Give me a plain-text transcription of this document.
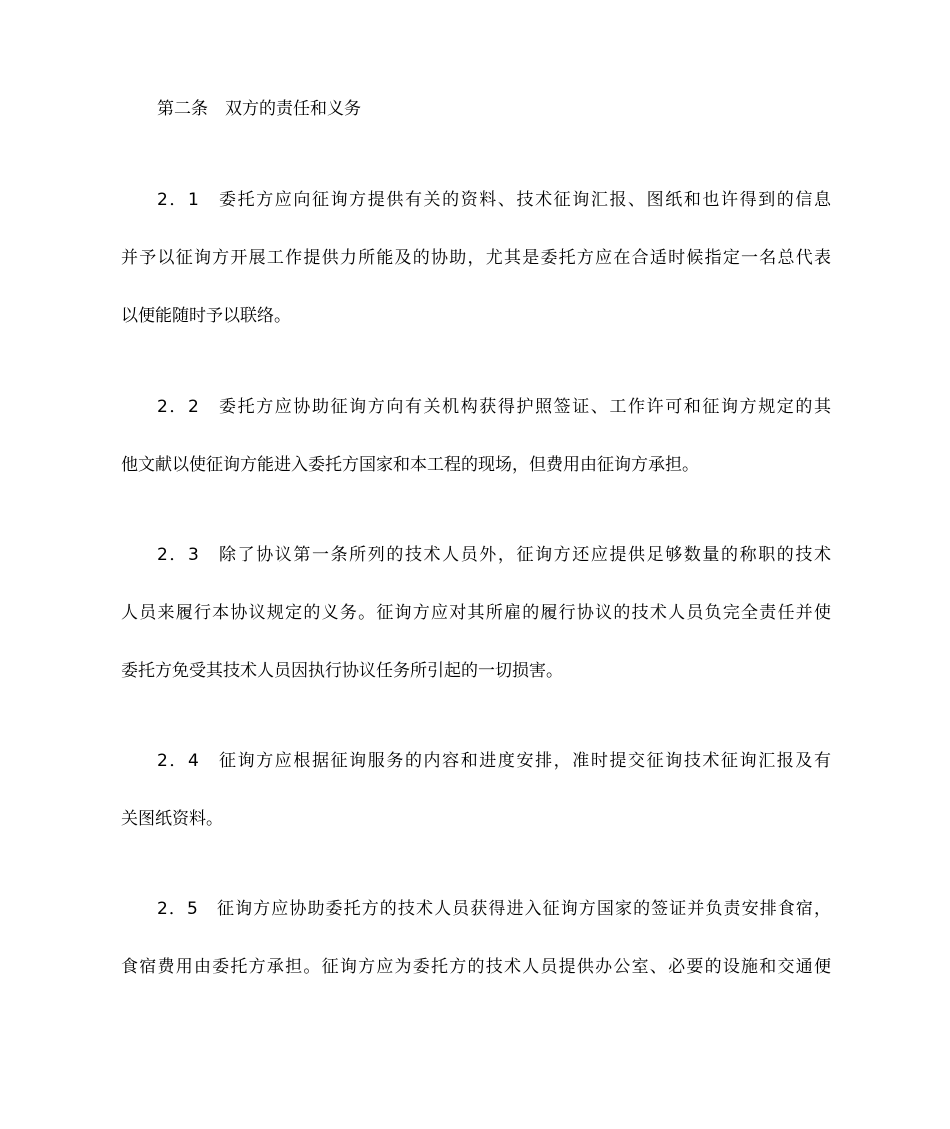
第二条　双方的责任和义务
2．1　委托方应向征询方提供有关的资料、技术征询汇报、图纸和也许得到的信息
并予以征询方开展工作提供力所能及的协助，尤其是委托方应在合适时候指定一名总代表
以便能随时予以联络。
2．2　委托方应协助征询方向有关机构获得护照签证、工作许可和征询方规定的其
他文献以使征询方能进入委托方国家和本工程的现场，但费用由征询方承担。
2．3　除了协议第一条所列的技术人员外，征询方还应提供足够数量的称职的技术
人员来履行本协议规定的义务。征询方应对其所雇的履行协议的技术人员负完全责任并使
委托方免受其技术人员因执行协议任务所引起的一切损害。
2．4　征询方应根据征询服务的内容和进度安排，准时提交征询技术征询汇报及有
关图纸资料。
2．5　征询方应协助委托方的技术人员获得进入征询方国家的签证并负责安排食宿，
食宿费用由委托方承担。征询方应为委托方的技术人员提供办公室、必要的设施和交通便
